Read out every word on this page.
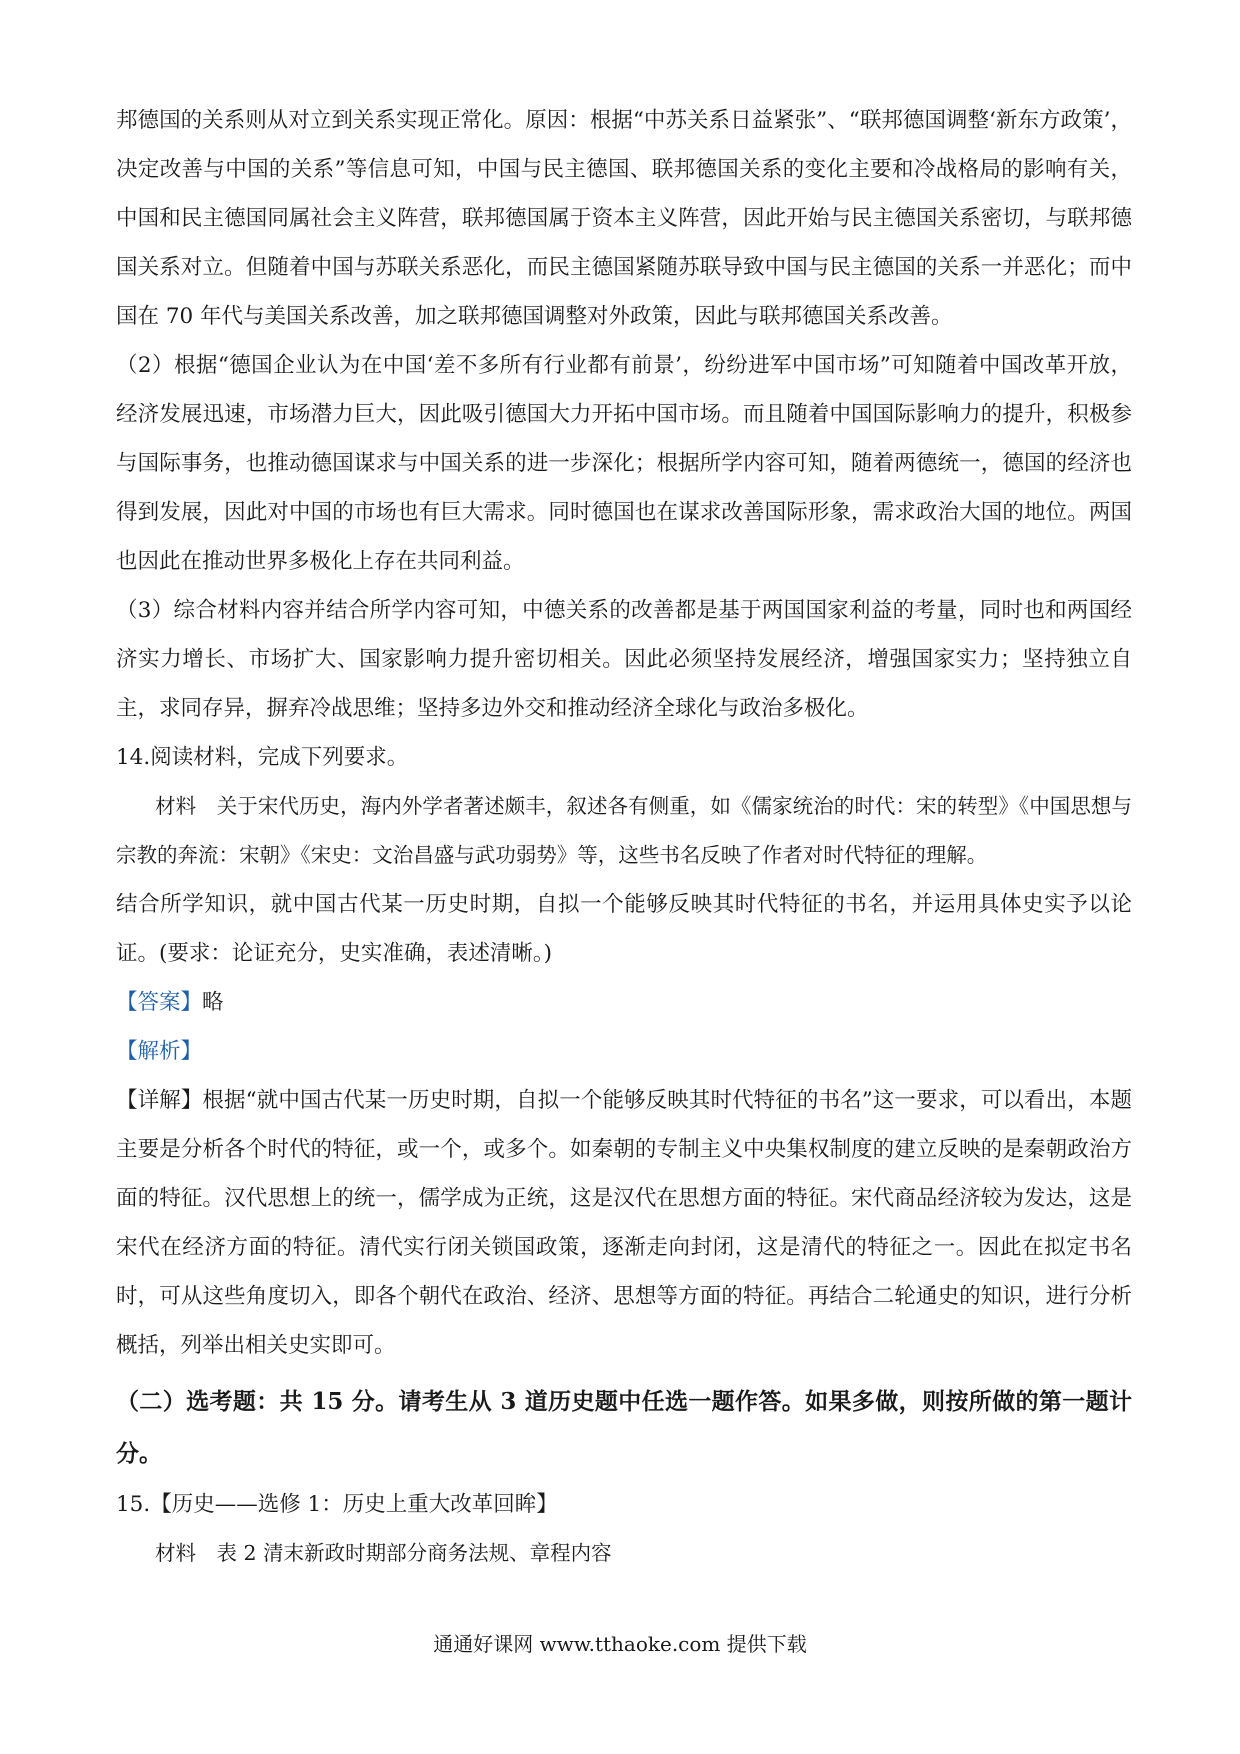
邦德国的关系则从对立到关系实现正常化。原因：根据“中苏关系日益紧张”、“联邦德国调整‘新东方政策’，决定改善与中国的关系”等信息可知，中国与民主德国、联邦德国关系的变化主要和冷战格局的影响有关，中国和民主德国同属社会主义阵营，联邦德国属于资本主义阵营，因此开始与民主德国关系密切，与联邦德国关系对立。但随着中国与苏联关系恶化，而民主德国紧随苏联导致中国与民主德国的关系一并恶化；而中国在 70 年代与美国关系改善，加之联邦德国调整对外政策，因此与联邦德国关系改善。

（2）根据“德国企业认为在中国‘差不多所有行业都有前景’，纷纷进军中国市场”可知随着中国改革开放，经济发展迅速，市场潜力巨大，因此吸引德国大力开拓中国市场。而且随着中国国际影响力的提升，积极参与国际事务，也推动德国谋求与中国关系的进一步深化；根据所学内容可知，随着两德统一，德国的经济也得到发展，因此对中国的市场也有巨大需求。同时德国也在谋求改善国际形象，需求政治大国的地位。两国也因此在推动世界多极化上存在共同利益。

（3）综合材料内容并结合所学内容可知，中德关系的改善都是基于两国国家利益的考量，同时也和两国经济实力增长、市场扩大、国家影响力提升密切相关。因此必须坚持发展经济，增强国家实力；坚持独立自主，求同存异，摒弃冷战思维；坚持多边外交和推动经济全球化与政治多极化。

14.阅读材料，完成下列要求。

材料　关于宋代历史，海内外学者著述颇丰，叙述各有侧重，如《儒家统治的时代：宋的转型》《中国思想与宗教的奔流：宋朝》《宋史：文治昌盛与武功弱势》等，这些书名反映了作者对时代特征的理解。

结合所学知识，就中国古代某一历史时期，自拟一个能够反映其时代特征的书名，并运用具体史实予以论证。(要求：论证充分，史实准确，表述清晰。)

【答案】略

【解析】

【详解】根据“就中国古代某一历史时期，自拟一个能够反映其时代特征的书名”这一要求，可以看出，本题主要是分析各个时代的特征，或一个，或多个。如秦朝的专制主义中央集权制度的建立反映的是秦朝政治方面的特征。汉代思想上的统一，儒学成为正统，这是汉代在思想方面的特征。宋代商品经济较为发达，这是宋代在经济方面的特征。清代实行闭关锁国政策，逐渐走向封闭，这是清代的特征之一。因此在拟定书名时，可从这些角度切入，即各个朝代在政治、经济、思想等方面的特征。再结合二轮通史的知识，进行分析概括，列举出相关史实即可。

（二）选考题：共 15 分。请考生从 3 道历史题中任选一题作答。如果多做，则按所做的第一题计分。

15.【历史——选修 1：历史上重大改革回眸】

材料　表 2 清末新政时期部分商务法规、章程内容

通通好课网 www.tthaoke.com 提供下载
